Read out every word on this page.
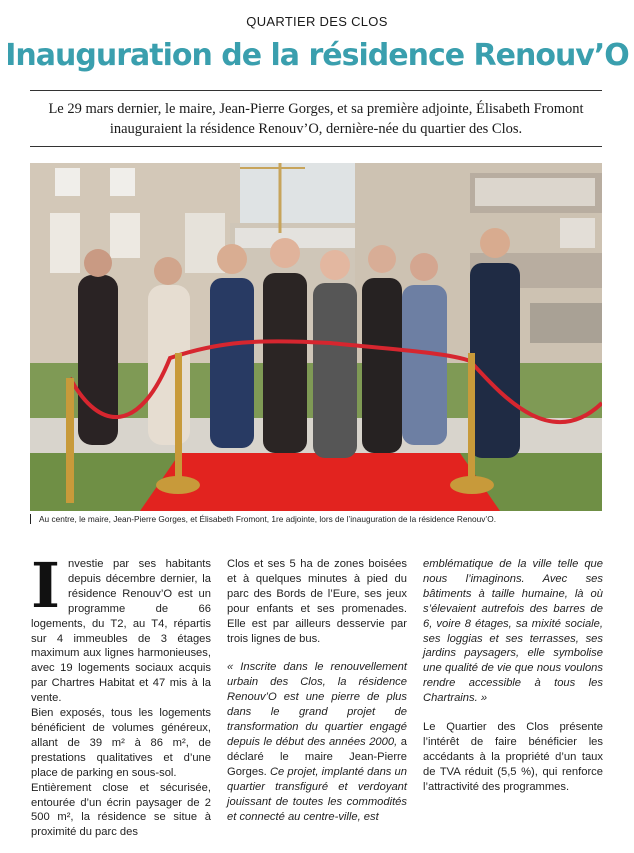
QUARTIER DES CLOS
Inauguration de la résidence Renouv’O
Le 29 mars dernier, le maire, Jean-Pierre Gorges, et sa première adjointe, Élisabeth Fromont inauguraient la résidence Renouv’O, dernière-née du quartier des Clos.
Au centre, le maire, Jean-Pierre Gorges, et Élisabeth Fromont, 1re adjointe, lors de l’inauguration de la résidence Renouv’O.

Investie par ses habitants depuis décembre dernier, la résidence Renouv’O est un programme de 66 logements, du T2, au T4, répartis sur 4 immeubles de 3 étages maximum aux lignes harmonieuses, avec 19 logements sociaux acquis par Chartres Habitat et 47 mis à la vente.

Bien exposés, tous les logements bénéficient de volumes généreux, allant de 39 m² à 86 m², de prestations qualitatives et d’une place de parking en sous-sol.

Entièrement close et sécurisée, entourée d’un écrin paysager de 2 500 m², la résidence se situe à proximité du parc des

Clos et ses 5 ha de zones boisées et à quelques minutes à pied du parc des Bords de l’Eure, ses jeux pour enfants et ses promenades. Elle est par ailleurs desservie par trois lignes de bus.

« Inscrite dans le renouvellement urbain des Clos, la résidence Renouv’O est une pierre de plus dans le grand projet de transformation du quartier engagé depuis le début des années 2000, a déclaré le maire Jean-Pierre Gorges. Ce projet, implanté dans un quartier transfiguré et verdoyant jouissant de toutes les commodités et connecté au centre-ville, est

emblématique de la ville telle que nous l’imaginons. Avec ses bâtiments à taille humaine, là où s’élevaient autrefois des barres de 6, voire 8 étages, sa mixité sociale, ses loggias et ses terrasses, ses jardins paysagers, elle symbolise une qualité de vie que nous voulons rendre accessible à tous les Chartrains. »

Le Quartier des Clos présente l’intérêt de faire bénéficier les accédants à la propriété d’un taux de TVA réduit (5,5 %), qui renforce l’attractivité des programmes.
